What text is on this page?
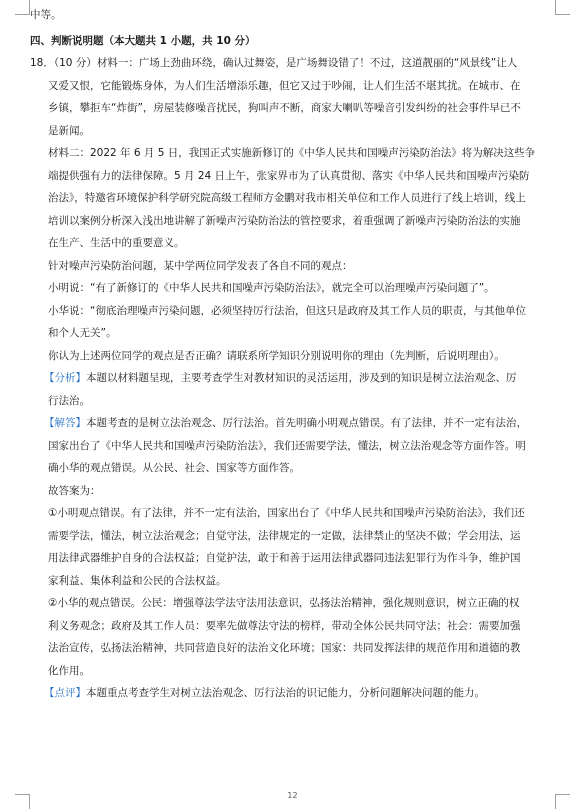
中等。
四、判断说明题（本大题共 1 小题，共 10 分）
18．（10 分）材料一：广场上劲曲环绕，确认过舞姿，是广场舞设错了！不过，这道靓丽的“风景线”让人
又爱又恨，它能锻炼身体，为人们生活增添乐趣，但它又过于吵闹，让人们生活不堪其扰。在城市、在
乡镇，攀拒车“炸街”，房屋装修噪音扰民，狗叫声不断，商家大喇叭等噪音引发纠纷的社会事件早已不
是新闻。
材料二：2022 年 6 月 5 日，我国正式实施新修订的《中华人民共和国噪声污染防治法》将为解决这些争
端提供强有力的法律保障。5 月 24 日上午，张家界市为了认真贯彻、落实《中华人民共和国噪声污染防
治法》，特邀省环境保护科学研究院高级工程师方金鹏对我市相关单位和工作人员进行了线上培训，线上
培训以案例分析深入浅出地讲解了新噪声污染防治法的管控要求，着重强调了新噪声污染防治法的实施
在生产、生活中的重要意义。
针对噪声污染防治问题，某中学两位同学发表了各自不同的观点：
小明说：“有了新修订的《中华人民共和国噪声污染防治法》，就完全可以治理噪声污染问题了”。
小华说：“彻底治理噪声污染问题，必须坚持厉行法治，但这只是政府及其工作人员的职责，与其他单位
和个人无关”。
你认为上述两位同学的观点是否正确？请联系所学知识分别说明你的理由（先判断，后说明理由）。
【分析】本题以材料题呈现，主要考查学生对教材知识的灵活运用，涉及到的知识是树立法治观念、厉
行法治。
【解答】本题考查的是树立法治观念、厉行法治。首先明确小明观点错误。有了法律，并不一定有法治，
国家出台了《中华人民共和国噪声污染防治法》，我们还需要学法，懂法，树立法治观念等方面作答。明
确小华的观点错误。从公民、社会、国家等方面作答。
故答案为：
①小明观点错误。有了法律，并不一定有法治，国家出台了《中华人民共和国噪声污染防治法》，我们还
需要学法，懂法，树立法治观念；自觉守法，法律规定的一定做，法律禁止的坚决不做；学会用法，运
用法律武器维护自身的合法权益；自觉护法，敢于和善于运用法律武器同违法犯罪行为作斗争，维护国
家利益、集体利益和公民的合法权益。
②小华的观点错误。公民：增强尊法学法守法用法意识，弘扬法治精神，强化规则意识，树立正确的权
利义务观念；政府及其工作人员：要率先做尊法守法的榜样，带动全体公民共同守法；社会：需要加强
法治宣传，弘扬法治精神，共同营造良好的法治文化环境；国家：共同发挥法律的规范作用和道德的教
化作用。
【点评】本题重点考查学生对树立法治观念、厉行法治的识记能力，分析问题解决问题的能力。
12
